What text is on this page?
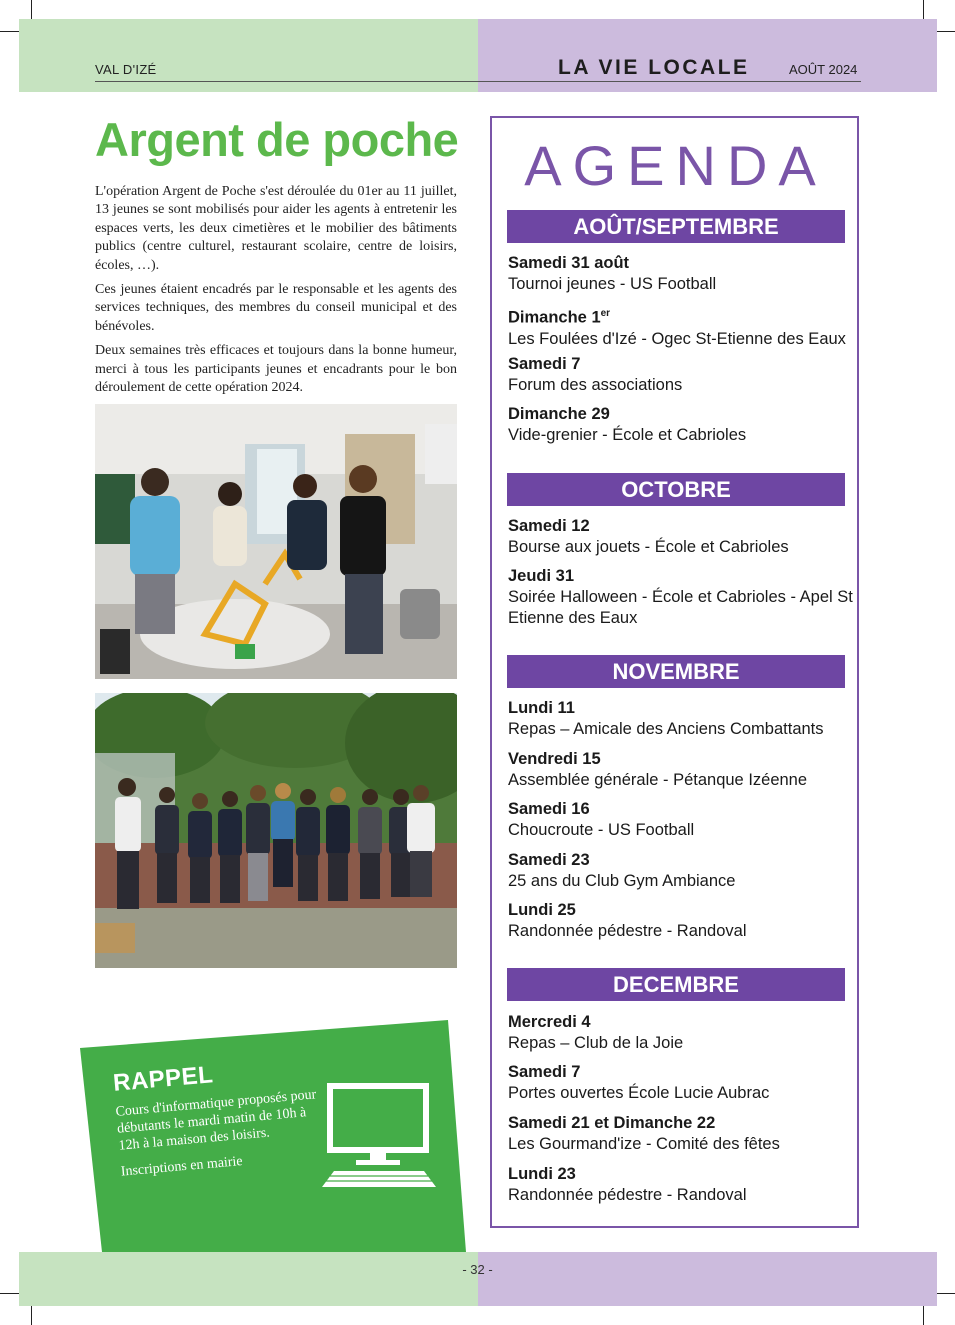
VAL D'IZÉ	LA VIE LOCALE	AOÛT 2024
Argent de poche

L'opération Argent de Poche s'est déroulée du 01er au 11 juillet, 13 jeunes se sont mobilisés pour aider les agents à entretenir les espaces verts, les deux cimetières et le mobilier des bâtiments publics (centre culturel, restaurant scolaire, centre de loisirs, écoles, …).

Ces jeunes étaient encadrés par le responsable et les agents des services techniques, des membres du conseil municipal et des bénévoles.

Deux semaines très efficaces et toujours dans la bonne humeur, merci à tous les participants jeunes et encadrants pour le bon déroulement de cette opération 2024.

RAPPEL
Cours d'informatique proposés pour débutants le mardi matin de 10h à 12h à la maison des loisirs.
Inscriptions en mairie
AGENDA
AOÛT/SEPTEMBRE
Samedi 31 août
Tournoi jeunes - US Football
Dimanche 1er
Les Foulées d'Izé - Ogec St-Etienne des Eaux
Samedi 7
Forum des associations
Dimanche 29
Vide-grenier - École et Cabrioles
OCTOBRE
Samedi 12
Bourse aux jouets - École et Cabrioles
Jeudi 31
Soirée Halloween - École et Cabrioles - Apel St Etienne des Eaux
NOVEMBRE
Lundi 11
Repas – Amicale des Anciens Combattants
Vendredi 15
Assemblée générale - Pétanque Izéenne
Samedi 16
Choucroute - US Football
Samedi 23
25 ans du Club Gym Ambiance
Lundi 25
Randonnée pédestre - Randoval
DECEMBRE
Mercredi 4
Repas – Club de la Joie
Samedi 7
Portes ouvertes École Lucie Aubrac
Samedi 21 et Dimanche 22
Les Gourmand'ize - Comité des fêtes
Lundi 23
Randonnée pédestre - Randoval
- 32 -
